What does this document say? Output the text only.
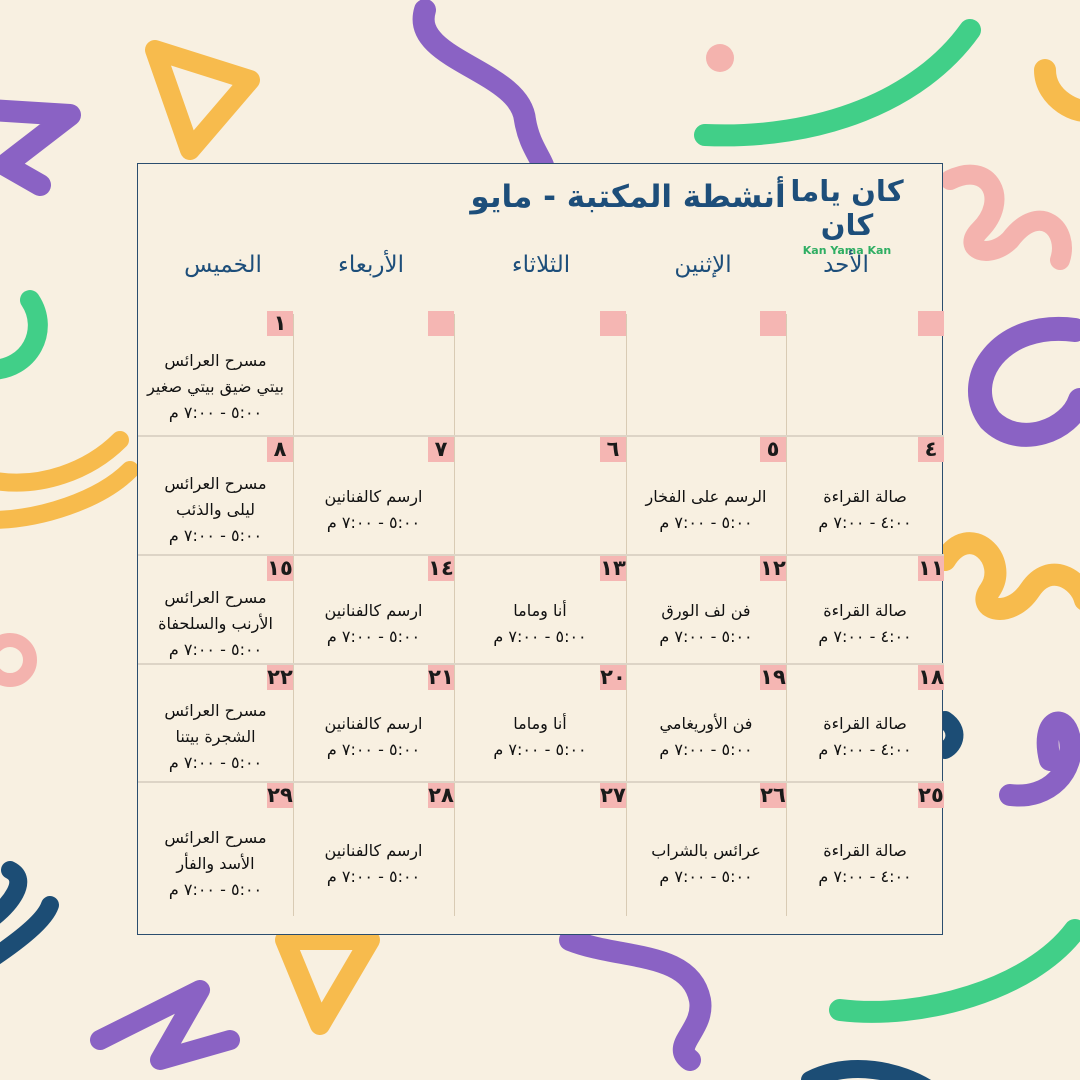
أنشطة المكتبة - مايو كان ياما كان
Kan Yama Kan
الأحد
الإثنين
الثلاثاء
الأربعاء
الخميس
١
مسرح العرائس
بيتي ضيق بيتي صغير
٥:٠٠ - ٧:٠٠ م
٤
صالة القراءة
٤:٠٠ - ٧:٠٠ م
٥
الرسم على الفخار
٥:٠٠ - ٧:٠٠ م
٦
٧
ارسم كالفنانين
٥:٠٠ - ٧:٠٠ م
٨
مسرح العرائس
ليلى والذئب
٥:٠٠ - ٧:٠٠ م
١١
صالة القراءة
٤:٠٠ - ٧:٠٠ م
١٢
فن لف الورق
٥:٠٠ - ٧:٠٠ م
١٣
أنا وماما
٥:٠٠ - ٧:٠٠ م
١٤
ارسم كالفنانين
٥:٠٠ - ٧:٠٠ م
١٥
مسرح العرائس
الأرنب والسلحفاة
٥:٠٠ - ٧:٠٠ م
١٨
صالة القراءة
٤:٠٠ - ٧:٠٠ م
١٩
فن الأوريغامي
٥:٠٠ - ٧:٠٠ م
٢٠
أنا وماما
٥:٠٠ - ٧:٠٠ م
٢١
ارسم كالفنانين
٥:٠٠ - ٧:٠٠ م
٢٢
مسرح العرائس
الشجرة بيتنا
٥:٠٠ - ٧:٠٠ م
٢٥
صالة القراءة
٤:٠٠ - ٧:٠٠ م
٢٦
عرائس بالشراب
٥:٠٠ - ٧:٠٠ م
٢٧
٢٨
ارسم كالفنانين
٥:٠٠ - ٧:٠٠ م
٢٩
مسرح العرائس
الأسد والفأر
٥:٠٠ - ٧:٠٠ م
